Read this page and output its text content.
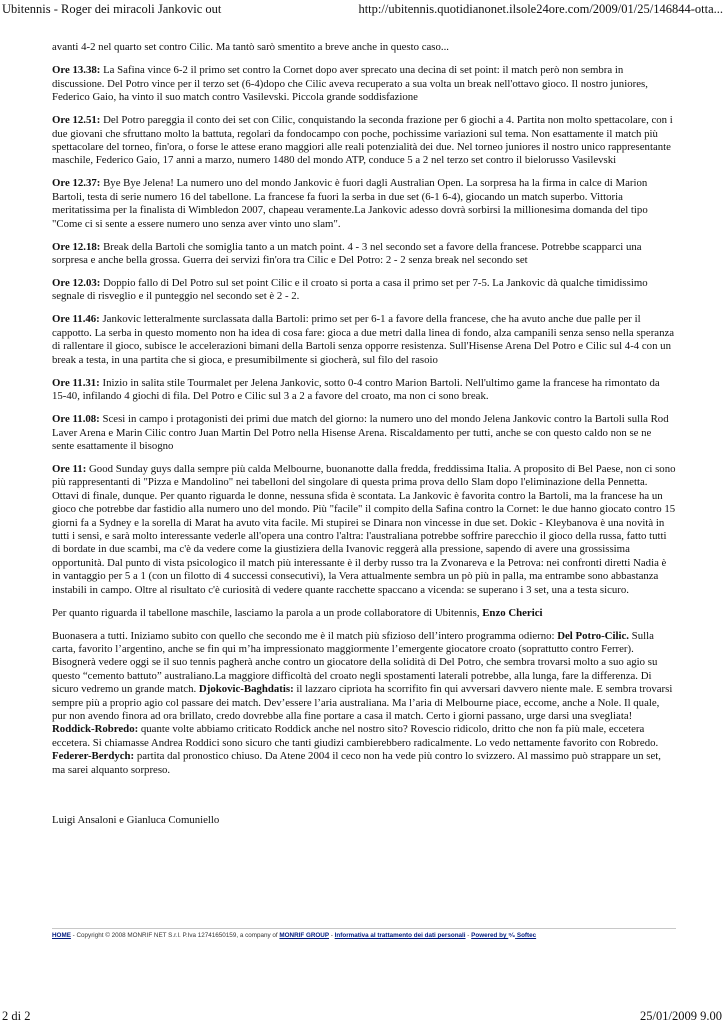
Ubitennis - Roger dei miracoli Jankovic out	http://ubitennis.quotidianonet.ilsole24ore.com/2009/01/25/146844-otta...

avanti 4-2 nel quarto set contro Cilic. Ma tantò sarò smentito a breve anche in questo caso...

Ore 13.38: La Safina vince 6-2 il primo set contro la Cornet dopo aver sprecato una decina di set point: il match però non sembra in discussione. Del Potro vince per il terzo set (6-4)dopo che Cilic aveva recuperato a sua volta un break nell'ottavo gioco. Il nostro juniores, Federico Gaio, ha vinto il suo match contro Vasilevski. Piccola grande soddisfazione

Ore 12.51: Del Potro pareggia il conto dei set con Cilic, conquistando la seconda frazione per 6 giochi a 4. Partita non molto spettacolare, con i due giovani che sfruttano molto la battuta, regolari da fondocampo con poche, pochissime variazioni sul tema. Non esattamente il match più spettacolare del torneo, fin'ora, o forse le attese erano maggiori alle reali potenzialità dei due. Nel torneo juniores il nostro unico rappresentante maschile, Federico Gaio, 17 anni a marzo, numero 1480 del mondo ATP, conduce 5 a 2 nel terzo set contro il bielorusso Vasilevski

Ore 12.37: Bye Bye Jelena! La numero uno del mondo Jankovic è fuori dagli Australian Open. La sorpresa ha la firma in calce di Marion Bartoli, testa di serie numero 16 del tabellone. La francese fa fuori la serba in due set (6-1 6-4), giocando un match superbo. Vittoria meritatissima per la finalista di Wimbledon 2007, chapeau veramente.La Jankovic adesso dovrà sorbirsi la millionesima domanda del tipo "Come ci si sente a essere numero uno senza aver vinto uno slam".

Ore 12.18: Break della Bartoli che somiglia tanto a un match point. 4 - 3 nel secondo set a favore della francese. Potrebbe scapparci una sorpresa e anche bella grossa. Guerra dei servizi fin'ora tra Cilic e Del Potro: 2 - 2 senza break nel secondo set

Ore 12.03: Doppio fallo di Del Potro sul set point Cilic e il croato si porta a casa il primo set per 7-5. La Jankovic dà qualche timidissimo segnale di risveglio e il punteggio nel secondo set è 2 - 2.

Ore 11.46: Jankovic letteralmente surclassata dalla Bartoli: primo set per 6-1 a favore della francese, che ha avuto anche due palle per il cappotto. La serba in questo momento non ha idea di cosa fare: gioca a due metri dalla linea di fondo, alza campanili senza senso nella speranza di rallentare il gioco, subisce le accelerazioni bimani della Bartoli senza opporre resistenza. Sull'Hisense Arena Del Potro e Cilic sul 4-4 con un break a testa, in una partita che si gioca, e presumibilmente si giocherà, sul filo del rasoio

Ore 11.31: Inizio in salita stile Tourmalet per Jelena Jankovic, sotto 0-4 contro Marion Bartoli. Nell'ultimo game la francese ha rimontato da 15-40, infilando 4 giochi di fila. Del Potro e Cilic sul 3 a 2 a favore del croato, ma non ci sono break.

Ore 11.08: Scesi in campo i protagonisti dei primi due match del giorno: la numero uno del mondo Jelena Jankovic contro la Bartoli sulla Rod Laver Arena e Marin Cilic contro Juan Martin Del Potro nella Hisense Arena. Riscaldamento per tutti, anche se con questo caldo non se ne sente esattamente il bisogno

Ore 11: Good Sunday guys dalla sempre più calda Melbourne, buonanotte dalla fredda, freddissima Italia. A proposito di Bel Paese, non ci sono più rappresentanti di "Pizza e Mandolino" nei tabelloni del singolare di questa prima prova dello Slam dopo l'eliminazione della Pennetta. Ottavi di finale, dunque. Per quanto riguarda le donne, nessuna sfida è scontata. La Jankovic è favorita contro la Bartoli, ma la francese ha un gioco che potrebbe dar fastidio alla numero uno del mondo. Più "facile" il compito della Safina contro la Cornet: le due hanno giocato contro 15 giorni fa a Sydney e la sorella di Marat ha avuto vita facile. Mi stupirei se Dinara non vincesse in due set. Dokic - Kleybanova è una novità in tutti i sensi, e sarà molto interessante vederle all'opera una contro l'altra: l'australiana potrebbe soffrire parecchio il gioco della russa, fatto tutti di bordate in due scambi, ma c'è da vedere come la giustiziera della Ivanovic reggerà alla pressione, sapendo di avere una grossissima opportunità. Dal punto di vista psicologico il match più interessante è il derby russo tra la Zvonareva e la Petrova: nei confronti diretti Nadia è in vantaggio per 5 a 1 (con un filotto di 4 successi consecutivi), la Vera attualmente sembra un pò più in palla, ma entrambe sono abbastanza instabili in campo. Oltre al risultato c'è curiosità di vedere quante racchette spaccano a vicenda: se superano i 3 set, una a testa sicuro.

Per quanto riguarda il tabellone maschile, lasciamo la parola a un prode collaboratore di Ubitennis, Enzo Cherici

Buonasera a tutti. Iniziamo subito con quello che secondo me è il match più sfizioso dell’intero programma odierno: Del Potro-Cilic. Sulla carta, favorito l’argentino, anche se fin qui m’ha impressionato maggiormente l’emergente giocatore croato (soprattutto contro Ferrer). Bisognerà vedere oggi se il suo tennis pagherà anche contro un giocatore della solidità di Del Potro, che sembra trovarsi molto a suo agio su questo “cemento battuto” australiano.La maggiore difficoltà del croato negli spostamenti laterali potrebbe, alla lunga, fare la differenza. Di sicuro vedremo un grande match. Djokovic-Baghdatis: il lazzaro cipriota ha scorrifito fin qui avversari davvero niente male. E sembra trovarsi sempre più a proprio agio col passare dei match. Dev’essere l’aria australiana. Ma l’aria di Melbourne piace, eccome, anche a Nole. Il quale, pur non avendo finora ad ora brillato, credo dovrebbe alla fine portare a casa il match. Certo i giorni passano, urge darsi una svegliata! Roddick-Robredo: quante volte abbiamo criticato Roddick anche nel nostro sito? Rovescio ridicolo, dritto che non fa più male, eccetera eccetera. Si chiamasse Andrea Roddici sono sicuro che tanti giudizi cambierebbero radicalmente. Lo vedo nettamente favorito con Robredo. Federer-Berdych: partita dal pronostico chiuso. Da Atene 2004 il ceco non ha vede più contro lo svizzero. Al massimo può strappare un set, ma sarei alquanto sorpreso.

Luigi Ansaloni e Gianluca Comuniello

HOME - Copyright © 2008 MONRIF NET S.r.l. P.Iva 12741650159, a company of MONRIF GROUP - Informativa al trattamento dei dati personali - Powered by ⁹⁄₉ Softec
2 di 2	25/01/2009 9.00
